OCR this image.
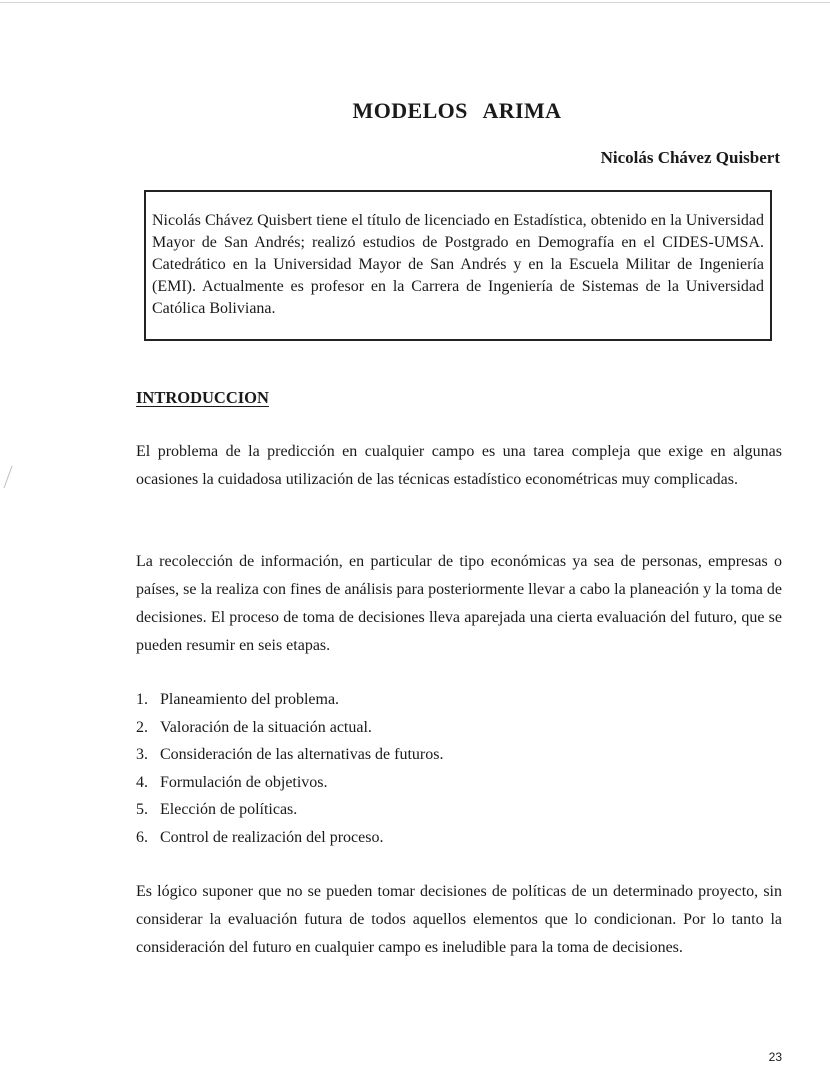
MODELOS ARIMA
Nicolás Chávez Quisbert
Nicolás Chávez Quisbert tiene el título de licenciado en Estadística, obtenido en la Universidad Mayor de San Andrés; realizó estudios de Postgrado en Demografía en el CIDES-UMSA. Catedrático en la Universidad Mayor de San Andrés y en la Escuela Militar de Ingeniería (EMI). Actualmente es profesor en la Carrera de Ingeniería de Sistemas de la Universidad Católica Boliviana.
INTRODUCCION
El problema de la predicción en cualquier campo es una tarea compleja que exige en algunas ocasiones la cuidadosa utilización de las técnicas estadístico econométricas muy complicadas.
La recolección de información, en particular de tipo económicas ya sea de personas, empresas o países, se la realiza con fines de análisis para posteriormente llevar a cabo la planeación y la toma de decisiones. El proceso de toma de decisiones lleva aparejada una cierta evaluación del futuro, que se pueden resumir en seis etapas.
1. Planeamiento del problema.
2. Valoración de la situación actual.
3. Consideración de las alternativas de futuros.
4. Formulación de objetivos.
5. Elección de políticas.
6. Control de realización del proceso.
Es lógico suponer que no se pueden tomar decisiones de políticas de un determinado proyecto, sin considerar la evaluación futura de todos aquellos elementos que lo condicionan. Por lo tanto la consideración del futuro en cualquier campo es ineludible para la toma de decisiones.
23
